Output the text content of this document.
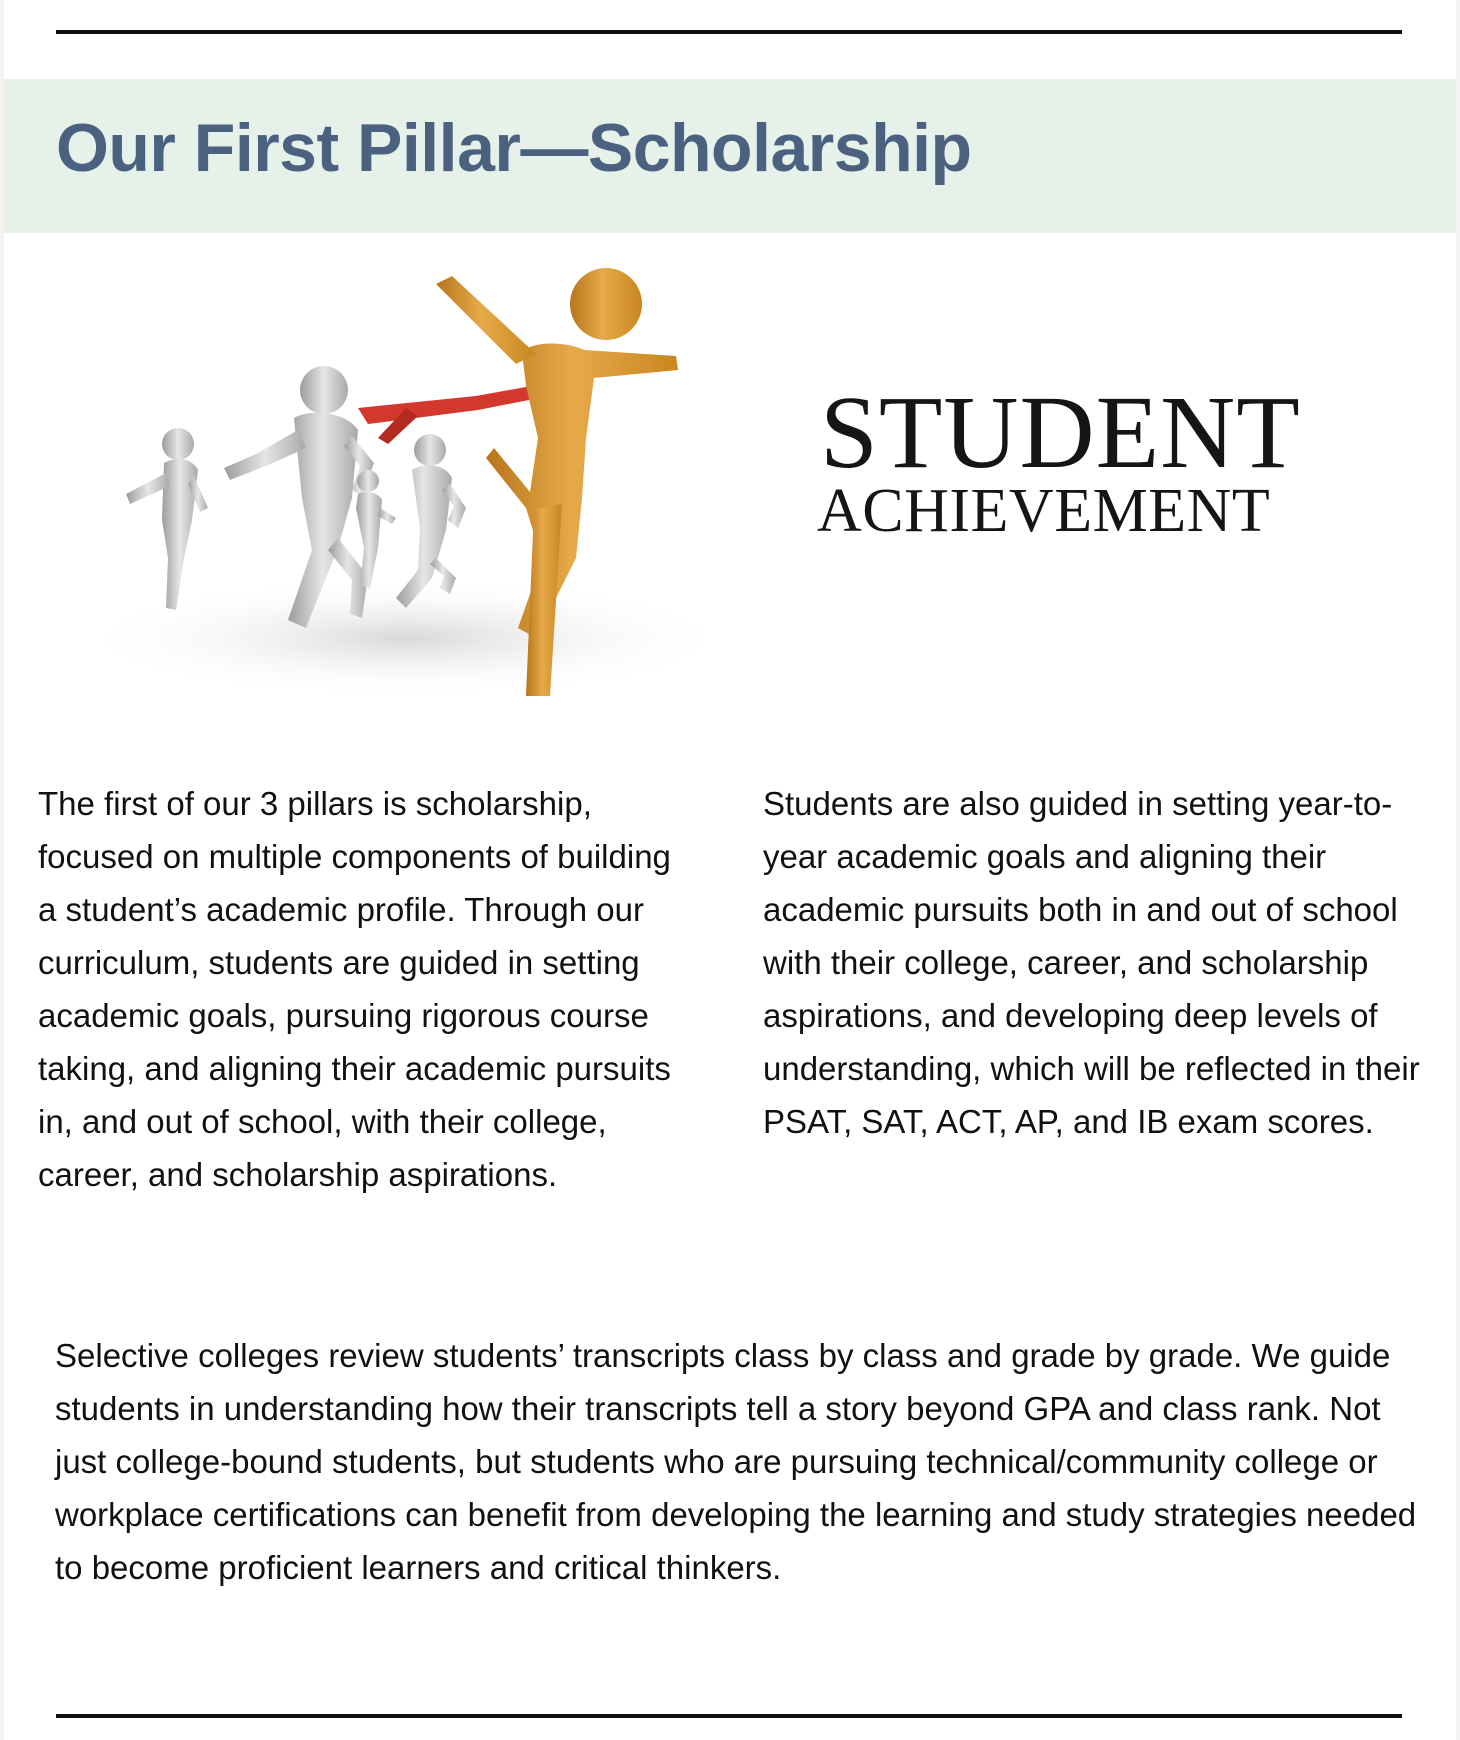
Our First Pillar—Scholarship
STUDENT
ACHIEVEMENT

The first of our 3 pillars is scholarship, focused on multiple components of building a student’s academic profile. Through our curriculum, students are guided in setting academic goals, pursuing rigorous course taking, and aligning their academic pursuits in, and out of school, with their college, career, and scholarship aspirations.

Students are also guided in setting year-to-year academic goals and aligning their academic pursuits both in and out of school with their college, career, and scholarship aspirations, and developing deep levels of understanding, which will be reflected in their PSAT, SAT, ACT, AP, and IB exam scores.

Selective colleges review students’ transcripts class by class and grade by grade. We guide students in understanding how their transcripts tell a story beyond GPA and class rank. Not just college-bound students, but students who are pursuing technical/community college or workplace certifications can benefit from developing the learning and study strategies needed to become proficient learners and critical thinkers.
